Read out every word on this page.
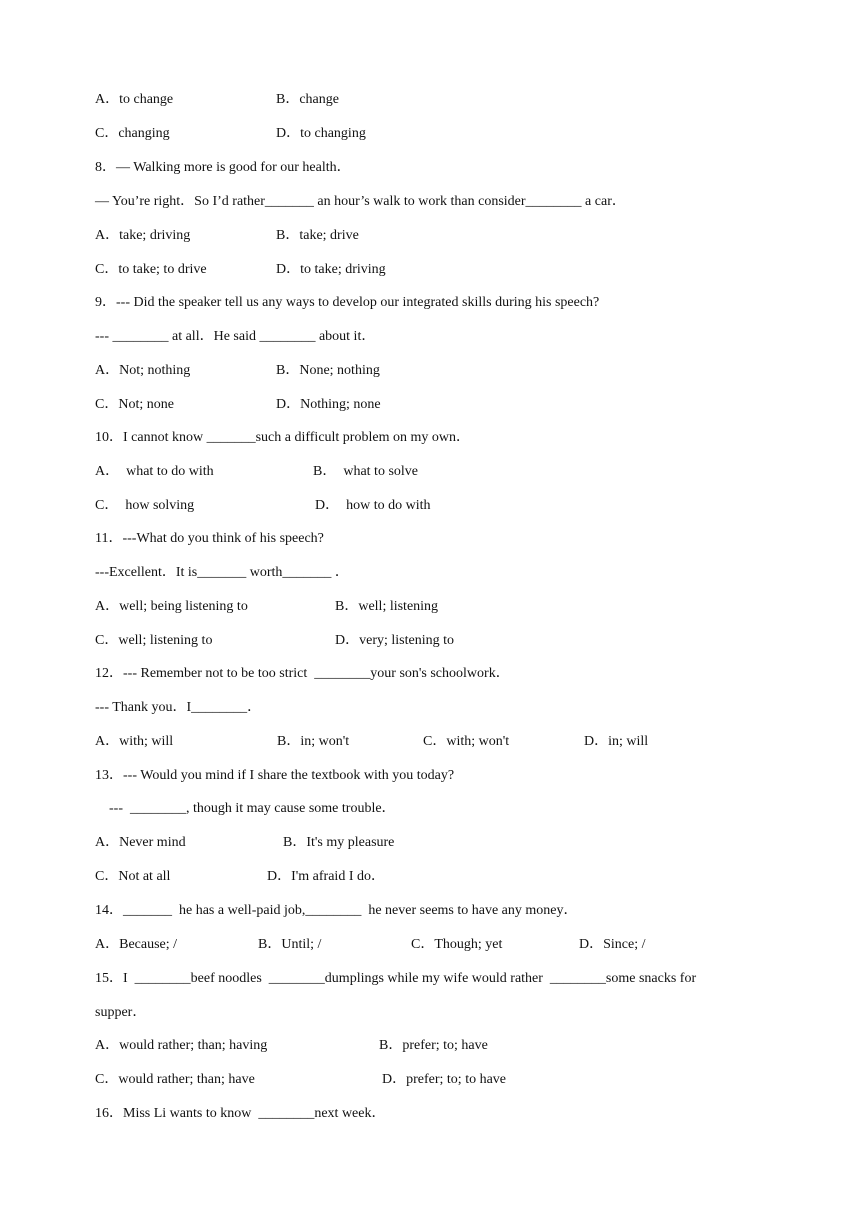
A．to change	B．change
C．changing	D．to changing
8．— Walking more is good for our health．
— You’re right．So I’d rather_______ an hour’s walk to work than consider________ a car．
A．take; driving	B．take; drive
C．to take; to drive	D．to take; driving
9．--- Did the speaker tell us any ways to develop our integrated skills during his speech?
--- ________ at all．He said ________ about it．
A．Not; nothing	B．None; nothing
C．Not; none	D．Nothing; none
10．I cannot know _______such a difficult problem on my own．
A．  what to do with	B．  what to solve
C．  how solving	D．  how to do with
11．---What do you think of his speech?
---Excellent．It is_______ worth_______ ．
A．well; being listening to	B．well; listening
C．well; listening to	D．very; listening to
12．--- Remember not to be too strict  ________your son's schoolwork．
--- Thank you．I________．
A．with; will	B．in; won't	C．with; won't	D．in; will
13．--- Would you mind if I share the textbook with you today?
---  ________, though it may cause some trouble．
A．Never mind	B．It's my pleasure
C．Not at all	D．I'm afraid I do．
14．_______  he has a well-paid job,________  he never seems to have any money．
A．Because; /	B．Until; /	C．Though; yet	D．Since; /
15．I  ________beef noodles  ________dumplings while my wife would rather  ________some snacks for
supper．
A．would rather; than; having	B．prefer; to; have
C．would rather; than; have	D．prefer; to; to have
16．Miss Li wants to know  ________next week．
